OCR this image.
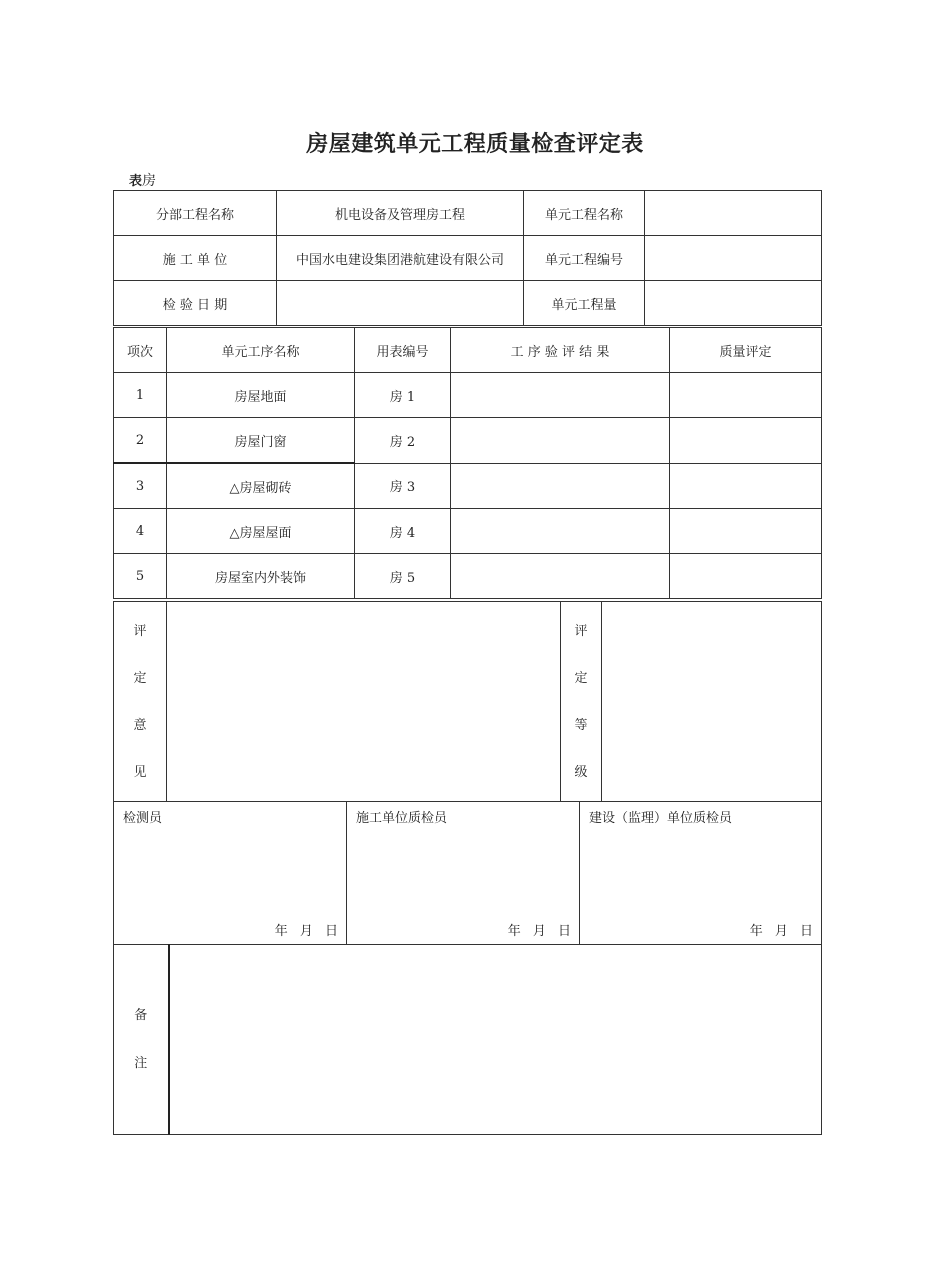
房屋建筑单元工程质量检查评定表
表房
分部工程名称	机电设备及管理房工程	单元工程名称	
施 工 单 位	中国水电建设集团港航建设有限公司	单元工程编号	
检 验 日 期		单元工程量	
项次	单元工序名称	用表编号	工 序 验 评 结 果	质量评定
1	房屋地面	房 1		
2	房屋门窗	房 2		
3	△房屋砌砖	房 3		
4	△房屋屋面	房 4		
5	房屋室内外装饰	房 5		
评
定
意
见

评
定
等
级

检测员
年 月 日

施工单位质检员
年 月 日

建设（监理）单位质检员
年 月 日
备
注
